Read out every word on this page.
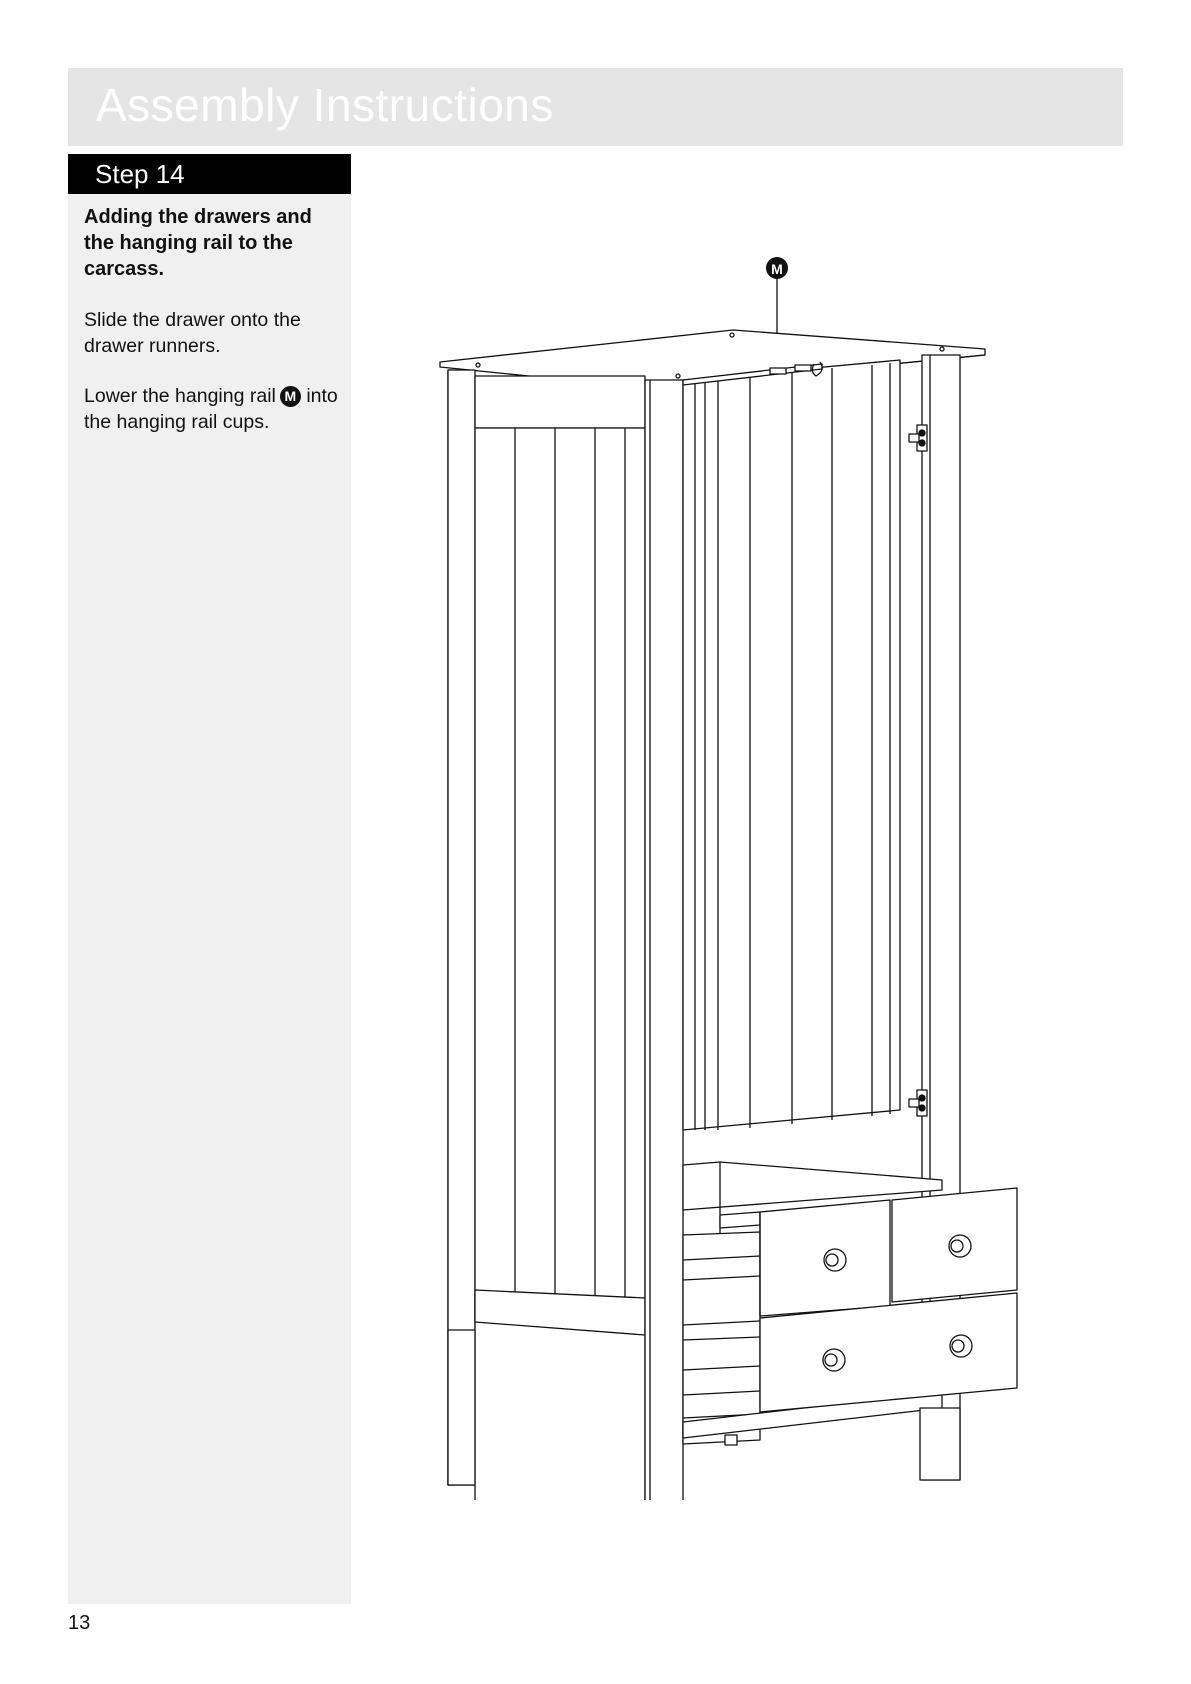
Assembly Instructions
Step 14

Adding the drawers and the hanging rail to the carcass.

Slide the drawer onto the drawer runners.

Lower the hanging rail M into the hanging rail cups.

M
13
